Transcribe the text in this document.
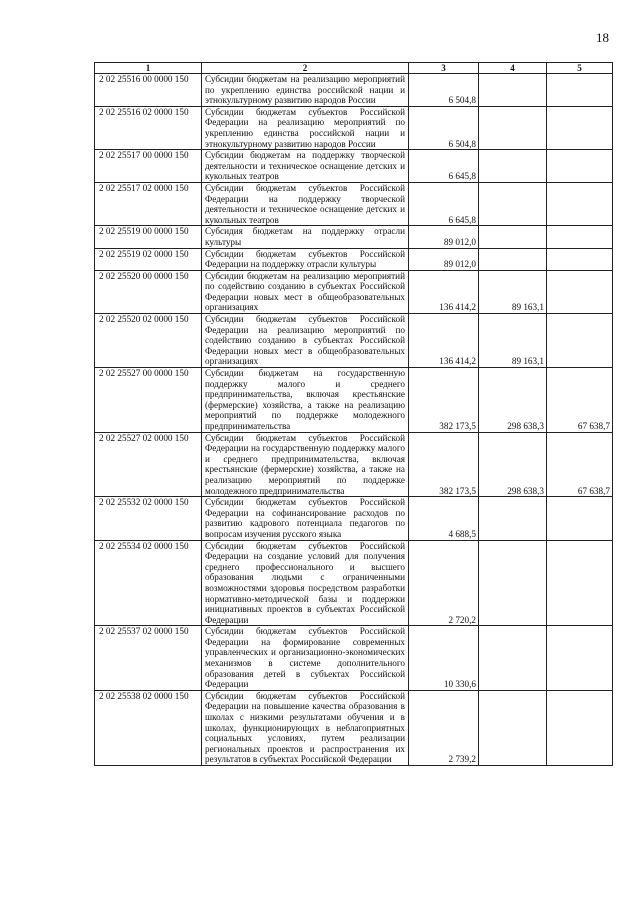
18
1	2	3	4	5
2 02 25516 00 0000 150	Субсидии бюджетам на реализацию мероприятий по укреплению единства российской нации и этнокультурному развитию народов России	6 504,8		
2 02 25516 02 0000 150	Субсидии бюджетам субъектов Российской Федерации на реализацию мероприятий по укреплению единства российской нации и этнокультурному развитию народов России	6 504,8		
2 02 25517 00 0000 150	Субсидии бюджетам на поддержку творческой деятельности и техническое оснащение детских и кукольных театров	6 645,8		
2 02 25517 02 0000 150	Субсидии бюджетам субъектов Российской Федерации на поддержку творческой деятельности и техническое оснащение детских и кукольных театров	6 645,8		
2 02 25519 00 0000 150	Субсидия бюджетам на поддержку отрасли культуры	89 012,0		
2 02 25519 02 0000 150	Субсидии бюджетам субъектов Российской Федерации на поддержку отрасли культуры	89 012,0		
2 02 25520 00 0000 150	Субсидии бюджетам на реализацию мероприятий по содействию созданию в субъектах Российской Федерации новых мест в общеобразовательных организациях	136 414,2	89 163,1	
2 02 25520 02 0000 150	Субсидии бюджетам субъектов Российской Федерации на реализацию мероприятий по содействию созданию в субъектах Российской Федерации новых мест в общеобразовательных организациях	136 414,2	89 163,1	
2 02 25527 00 0000 150	Субсидии бюджетам на государственную поддержку малого и среднего предпринимательства, включая крестьянские (фермерские) хозяйства, а также на реализацию мероприятий по поддержке молодежного предпринимательства	382 173,5	298 638,3	67 638,7
2 02 25527 02 0000 150	Субсидии бюджетам субъектов Российской Федерации на государственную поддержку малого и среднего предпринимательства, включая крестьянские (фермерские) хозяйства, а также на реализацию мероприятий по поддержке молодежного предпринимательства	382 173,5	298 638,3	67 638,7
2 02 25532 02 0000 150	Субсидии бюджетам субъектов Российской Федерации на софинансирование расходов по развитию кадрового потенциала педагогов по вопросам изучения русского языка	4 688,5		
2 02 25534 02 0000 150	Субсидии бюджетам субъектов Российской Федерации на создание условий для получения среднего профессионального и высшего образования людьми с ограниченными возможностями здоровья посредством разработки нормативно-методической базы и поддержки инициативных проектов в субъектах Российской Федерации	2 720,2		
2 02 25537 02 0000 150	Субсидии бюджетам субъектов Российской Федерации на формирование современных управленческих и организационно-экономических механизмов в системе дополнительного образования детей в субъектах Российской Федерации	10 330,6		
2 02 25538 02 0000 150	Субсидии бюджетам субъектов Российской Федерации на повышение качества образования в школах с низкими результатами обучения и в школах, функционирующих в неблагоприятных социальных условиях, путем реализации региональных проектов и распространения их результатов в субъектах Российской Федерации	2 739,2		
